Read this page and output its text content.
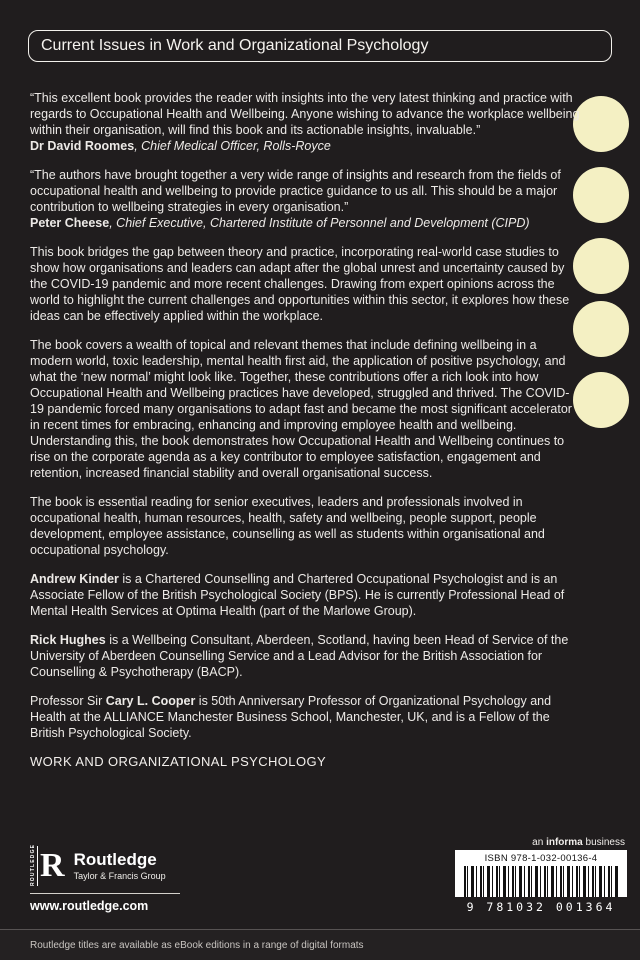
Current Issues in Work and Organizational Psychology

“This excellent book provides the reader with insights into the very latest thinking and practice with regards to Occupational Health and Wellbeing. Anyone wishing to advance the workplace wellbeing within their organisation, will find this book and its actionable insights, invaluable.”
Dr David Roomes, Chief Medical Officer, Rolls-Royce

“The authors have brought together a very wide range of insights and research from the fields of occupational health and wellbeing to provide practice guidance to us all. This should be a major contribution to wellbeing strategies in every organisation.”
Peter Cheese, Chief Executive, Chartered Institute of Personnel and Development (CIPD)

This book bridges the gap between theory and practice, incorporating real-world case studies to show how organisations and leaders can adapt after the global unrest and uncertainty caused by the COVID-19 pandemic and more recent challenges. Drawing from expert opinions across the world to highlight the current challenges and opportunities within this sector, it explores how these ideas can be effectively applied within the workplace.

The book covers a wealth of topical and relevant themes that include defining wellbeing in a modern world, toxic leadership, mental health first aid, the application of positive psychology, and what the ‘new normal’ might look like. Together, these contributions offer a rich look into how Occupational Health and Wellbeing practices have developed, struggled and thrived. The COVID-19 pandemic forced many organisations to adapt fast and became the most significant accelerator in recent times for embracing, enhancing and improving employee health and wellbeing. Understanding this, the book demonstrates how Occupational Health and Wellbeing continues to rise on the corporate agenda as a key contributor to employee satisfaction, engagement and retention, increased financial stability and overall organisational success.

The book is essential reading for senior executives, leaders and professionals involved in occupational health, human resources, health, safety and wellbeing, people support, people development, employee assistance, counselling as well as students within organisational and occupational psychology.

Andrew Kinder is a Chartered Counselling and Chartered Occupational Psychologist and is an Associate Fellow of the British Psychological Society (BPS). He is currently Professional Head of Mental Health Services at Optima Health (part of the Marlowe Group).

Rick Hughes is a Wellbeing Consultant, Aberdeen, Scotland, having been Head of Service of the University of Aberdeen Counselling Service and a Lead Advisor for the British Association for Counselling & Psychotherapy (BACP).

Professor Sir Cary L. Cooper is 50th Anniversary Professor of Organizational Psychology and Health at the ALLIANCE Manchester Business School, Manchester, UK, and is a Fellow of the British Psychological Society.

WORK AND ORGANIZATIONAL PSYCHOLOGY

ROUTLEDGE R Routledge
Taylor & Francis Group
www.routledge.com
an informa business
ISBN 978-1-032-00136-4
9 781032 001364
Routledge titles are available as eBook editions in a range of digital formats
